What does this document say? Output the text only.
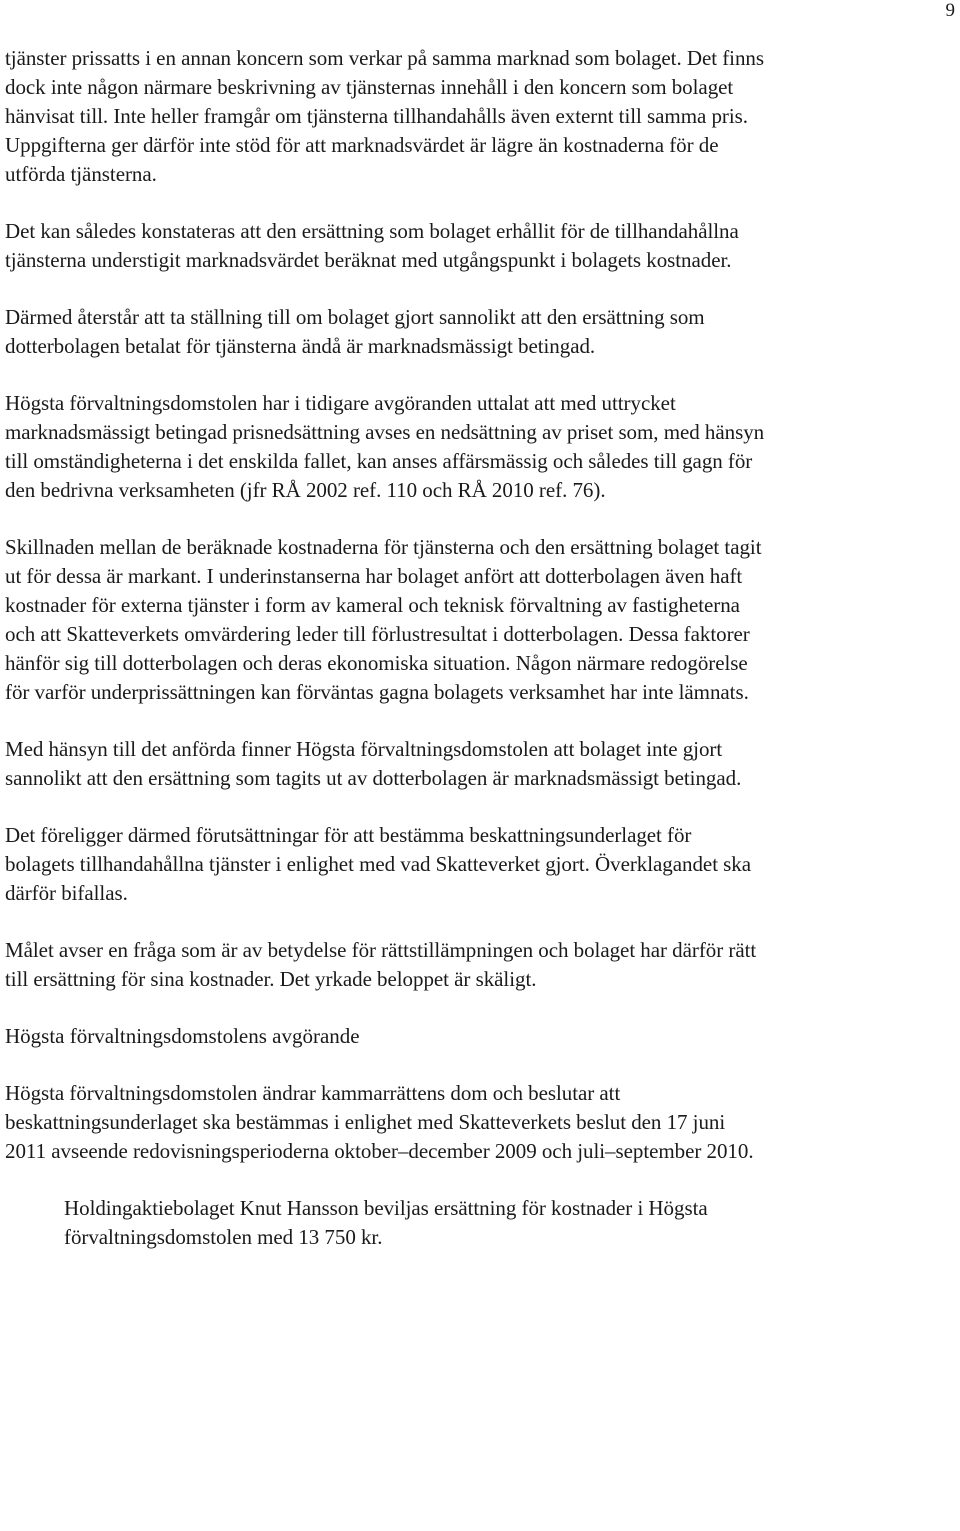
9

tjänster prissatts i en annan koncern som verkar på samma marknad som bolaget. Det finns dock inte någon närmare beskrivning av tjänsternas innehåll i den koncern som bolaget hänvisat till. Inte heller framgår om tjänsterna tillhandahålls även externt till samma pris. Uppgifterna ger därför inte stöd för att marknadsvärdet är lägre än kostnaderna för de utförda tjänsterna.

Det kan således konstateras att den ersättning som bolaget erhållit för de tillhandahållna tjänsterna understigit marknadsvärdet beräknat med utgångspunkt i bolagets kostnader.

Därmed återstår att ta ställning till om bolaget gjort sannolikt att den ersättning som dotterbolagen betalat för tjänsterna ändå är marknadsmässigt betingad.

Högsta förvaltningsdomstolen har i tidigare avgöranden uttalat att med uttrycket marknadsmässigt betingad prisnedsättning avses en nedsättning av priset som, med hänsyn till omständigheterna i det enskilda fallet, kan anses affärsmässig och således till gagn för den bedrivna verksamheten (jfr RÅ 2002 ref. 110 och RÅ 2010 ref. 76).

Skillnaden mellan de beräknade kostnaderna för tjänsterna och den ersättning bolaget tagit ut för dessa är markant. I underinstanserna har bolaget anfört att dotterbolagen även haft kostnader för externa tjänster i form av kameral och teknisk förvaltning av fastigheterna och att Skatteverkets omvärdering leder till förlustresultat i dotterbolagen. Dessa faktorer hänför sig till dotterbolagen och deras ekonomiska situation. Någon närmare redogörelse för varför underprissättningen kan förväntas gagna bolagets verksamhet har inte lämnats.

Med hänsyn till det anförda finner Högsta förvaltningsdomstolen att bolaget inte gjort sannolikt att den ersättning som tagits ut av dotterbolagen är marknadsmässigt betingad.

Det föreligger därmed förutsättningar för att bestämma beskattningsunderlaget för bolagets tillhandahållna tjänster i enlighet med vad Skatteverket gjort. Överklagandet ska därför bifallas.

Målet avser en fråga som är av betydelse för rättstillämpningen och bolaget har därför rätt till ersättning för sina kostnader. Det yrkade beloppet är skäligt.

Högsta förvaltningsdomstolens avgörande

Högsta förvaltningsdomstolen ändrar kammarrättens dom och beslutar att beskattningsunderlaget ska bestämmas i enlighet med Skatteverkets beslut den 17 juni 2011 avseende redovisningsperioderna oktober–december 2009 och juli–september 2010.

Holdingaktiebolaget Knut Hansson beviljas ersättning för kostnader i Högsta förvaltningsdomstolen med 13 750 kr.
